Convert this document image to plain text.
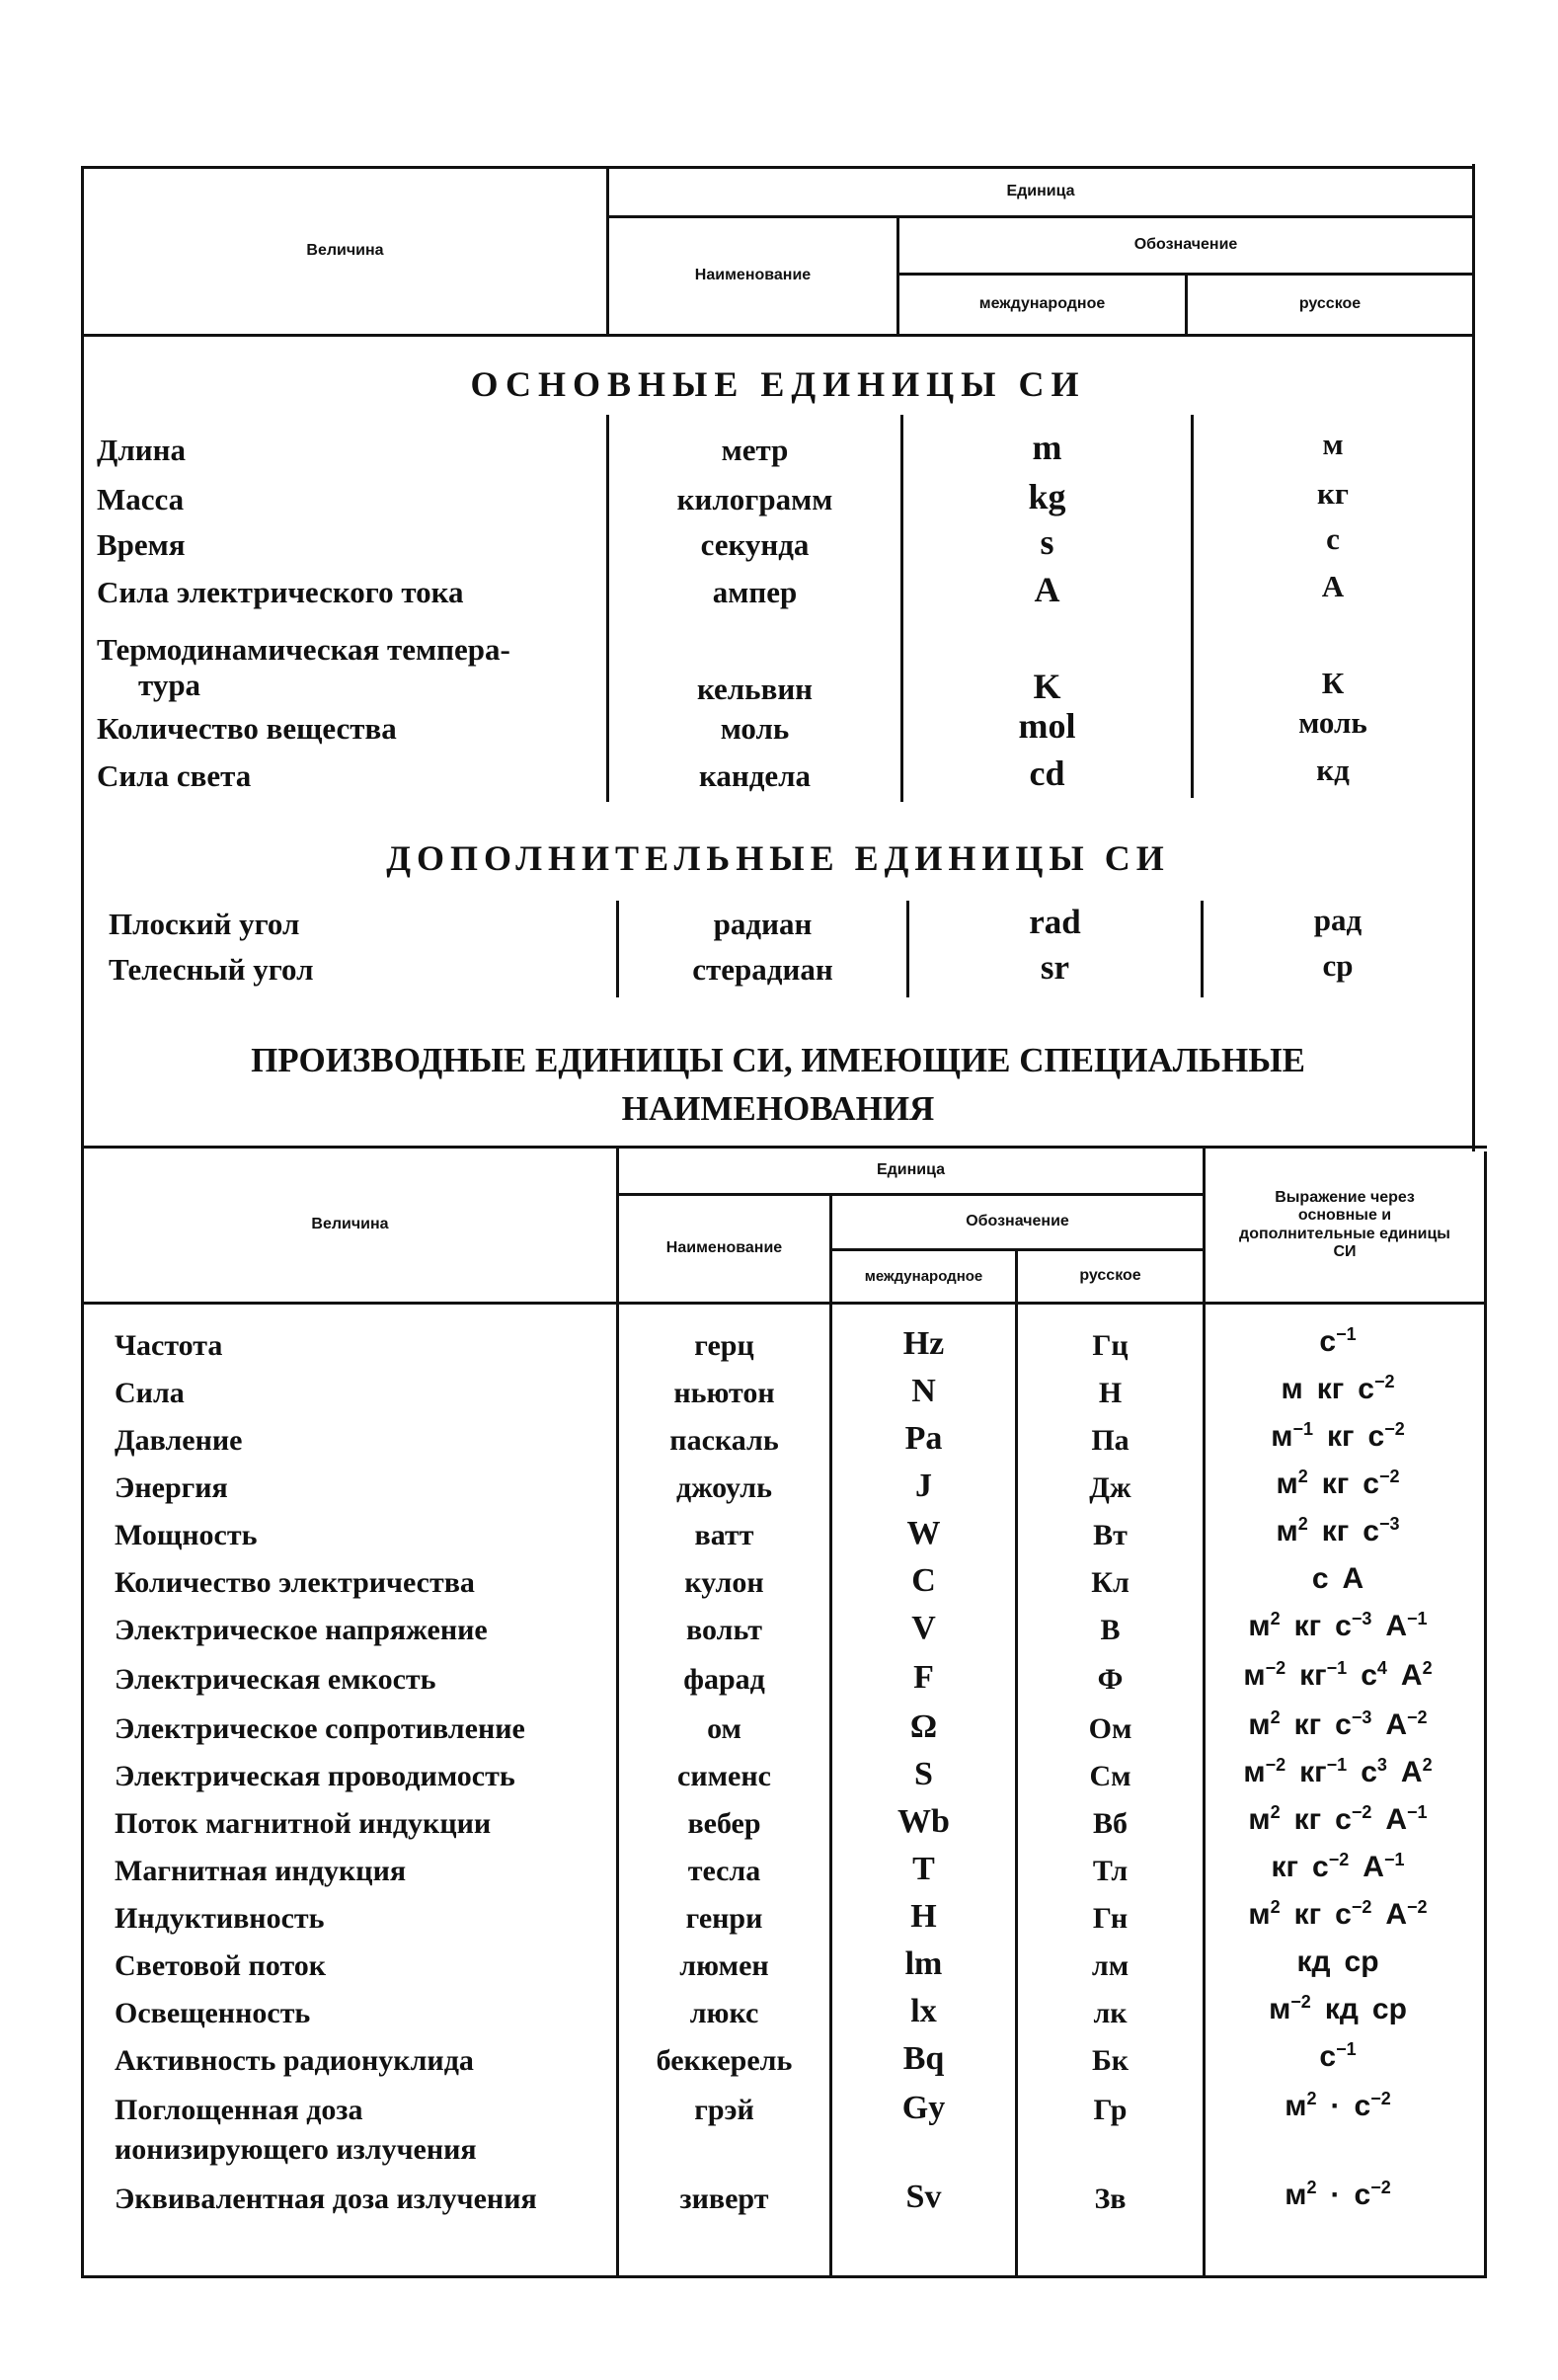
Величина
Единица
Наименование
Обозначение
международное	русское
ОСНОВНЫЕ ЕДИНИЦЫ СИ
Длина	метр	m	м
Масса	килограмм	kg	кг
Время	секунда	s	с
Сила электрического тока	ампер	A	А
Термодинамическая темпера-
тура	кельвин	K	К
Количество вещества	моль	mol	моль
Сила света	кандела	cd	кд
ДОПОЛНИТЕЛЬНЫЕ ЕДИНИЦЫ СИ
Плоский угол	радиан	rad	рад
Телесный угол	стерадиан	sr	ср
ПРОИЗВОДНЫЕ ЕДИНИЦЫ СИ, ИМЕЮЩИЕ СПЕЦИАЛЬНЫЕ
НАИМЕНОВАНИЯ
Величина
Единица
Наименование
Обозначение
международное	русское
Выражение через основные и дополнительные единицы СИ
Частота	герц	Hz	Гц	$с^{-1}$
Сила	ньютон	N	Н	м кг $с^{-2}$
Давление	паскаль	Pa	Па	$м^{-1}$ кг $с^{-2}$
Энергия	джоуль	J	Дж	$м^2$ кг $с^{-2}$
Мощность	ватт	W	Вт	$м^2$ кг $с^{-3}$
Количество электричества	кулон	C	Кл	с А
Электрическое напряжение	вольт	V	В	$м^2$ кг $с^{-3}$ $А^{-1}$
Электрическая емкость	фарад	F	Ф	$м^{-2}$ $кг^{-1}$ $с^4$ $А^2$
Электрическое сопротивление	ом	Ω	Ом	$м^2$ кг $с^{-3}$ $А^{-2}$
Электрическая проводимость	сименс	S	См	$м^{-2}$ $кг^{-1}$ $с^3$ $А^2$
Поток магнитной индукции	вебер	Wb	Вб	$м^2$ кг $с^{-2}$ $А^{-1}$
Магнитная индукция	тесла	T	Тл	кг $с^{-2}$ $А^{-1}$
Индуктивность	генри	H	Гн	$м^2$ кг $с^{-2}$ $А^{-2}$
Световой поток	люмен	lm	лм	кд ср
Освещенность	люкс	lx	лк	$м^{-2}$ кд ср
Активность радионуклида	беккерель	Bq	Бк	$с^{-1}$
Поглощенная доза
ионизирующего излучения
грэй	Gy	Гр	$м^2 \cdot с^{-2}$
Эквивалентная доза излучения	зиверт	Sv	Зв	$м^2 \cdot с^{-2}$
